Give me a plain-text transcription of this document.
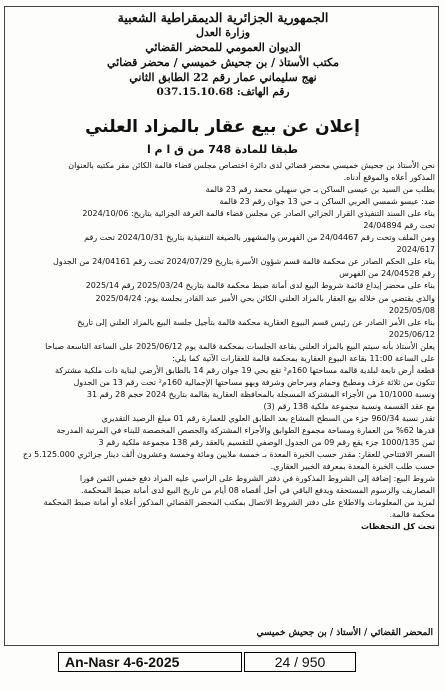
الجمهورية الجزائرية الديمقراطية الشعبية
وزارة العدل
الديوان العمومي للمحضر القضائي
مكتب الأستاذ / بن جحيش خميسي / محضر قضائي
نهج سليماني عمار رقم 22 الطابق الثاني
رقم الهاتف: 037.15.10.68
إعلان عن بيع عقار بالمزاد العلني
طبقا للمادة 748 من ق ا م ا

نحن الأستاذ بن جحيش خميسي محضر قضائي لدى دائرة اختصاص مجلس قضاء قالمة الكائن مقر مكتبه بالعنوان

المذكور أعلاه والموقع أدناه.

بطلب من السيد بن عيسى الساكن بـ حي سهيلي محمد رقم 23 قالمة

ضد: عيسو شمسي العربي الساكن بـ حي 13 جوان رقم 23 قالمة

بناء على السند التنفيذي القرار الجزائي الصادر عن مجلس قضاء قالمة الغرفة الجزائية بتاريخ: 2024/10/06

تحت رقم 24/04894

ومن الملف وتحت رقم 24/04467 من الفهرس والمشهور بالصيغة التنفيذية بتاريخ 2024/10/31 تحت رقم

2024/617

بناء على الحكم الصادر عن محكمة قالمة قسم شؤون الأسرة بتاريخ 2024/07/29 تحت رقم 24/04161 من الجدول

رقم 24/04528 من الفهرس

بناء على محضر إيداع قائمة شروط البيع لدى أمانة ضبط محكمة قالمة بتاريخ 2025/03/24 رقم 2025/14

والذي يقتضي من خلاله بيع العقار بالمزاد العلني الكائن بحي الأمير عبد القادر بجلسة يوم: 2025/04/24

2025/05/08

بناء على الأمر الصادر عن رئيس قسم البيوع العقارية محكمة قالمة بتأجيل جلسة البيع بالمزاد العلني إلى تاريخ

2025/06/12

يعلن الأستاذ بأنه سيتم البيع بالمزاد العلني بقاعة الجلسات بمحكمة قالمة يوم 2025/06/12 على الساعة التاسعة صباحا

على الساعة 11:00 بقاعة البيوع العقارية بمحكمة قالمة للعقارات الآتية كما يلي:

قطعة أرض تابعة لبلدية قالمة مساحتها 160م² تقع بحي 19 جوان رقم 14 بالطابق الأرضي لبناية ذات ملكية مشتركة

تتكون من ثلاثة غرف ومطبخ وحمام ومرحاض وشرفة وبهو مساحتها الإجمالية 160م² تحت رقم 13 من الجدول

ونسبة 10/1000 من الأجزاء المشتركة المسجلة بالمحافظة العقارية بقالمة بتاريخ 2024 حجم 28 رقم 31

مع عقد القسمة ونسبة مجموعة ملكية 138 رقم (3)

تقدر نسبة 960/34 جزء من السطح المشاع بعد الطابق العلوي للعمارة رقم 01 مبلغ الرصيد التقديري

قدرها 62% من العمارة ومساحة مجموع الطوابق والأجزاء المشتركة والحصص المخصصة للبناء في المرتبة المدرجة

ثمن 1000/135 جزء يقع رقم 09 من الجدول الوصفي للتقسيم بالعقد رقم 138 مجموعة ملكية رقم 3

السعر الافتتاحي للعقار: مقدر حسب الخبرة المعدة بـ خمسة ملايين ومائة وخمسة وعشرون ألف دينار جزائري 5.125.000 دج

حسب طلب الخبرة المعدة بمعرفة الخبير العقاري.

شروط البيع: إضافة إلى الشروط المذكورة في دفتر الشروط على الراسي عليه المزاد دفع خمس الثمن فورا

المصاريف والرسوم المستحقة ويدفع الباقي في أجل أقصاه 08 أيام من تاريخ البيع لدى أمانة ضبط المحكمة.

لمزيد من المعلومات والاطلاع على دفتر الشروط الاتصال بمكتب المحضر القضائي المذكور أعلاه أو أمانة ضبط المحكمة

محكمة قالمة.

تحت كل التحفظات

المحضر القضائي / الأستاذ / بن جحيش خميسي
An-Nasr 4-6-2025	24 / 950
